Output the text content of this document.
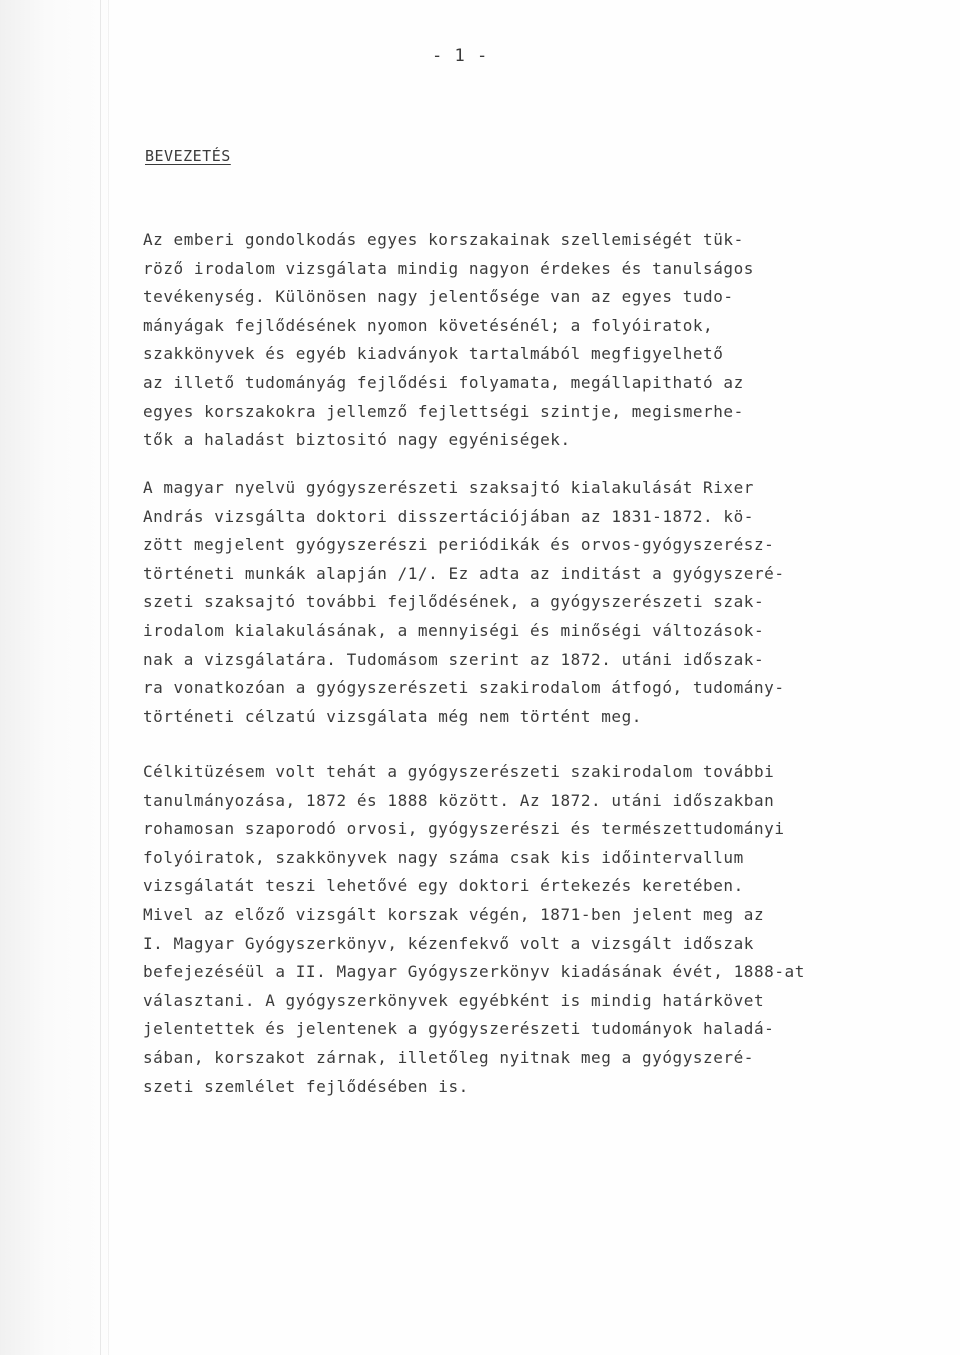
- 1 -
BEVEZETÉS
Az emberi gondolkodás egyes korszakainak szellemiségét tük-
röző irodalom vizsgálata mindig nagyon érdekes és tanulságos
tevékenység. Különösen nagy jelentősége van az egyes tudo-
mányágak fejlődésének nyomon követésénél; a folyóiratok,
szakkönyvek és egyéb kiadványok tartalmából megfigyelhető
az illető tudományág fejlődési folyamata, megállapitható az
egyes korszakokra jellemző fejlettségi szintje, megismerhe-
tők a haladást biztositó nagy egyéniségek.
A magyar nyelvü gyógyszerészeti szaksajtó kialakulását Rixer
András vizsgálta doktori disszertációjában az 1831-1872. kö-
zött megjelent gyógyszerészi periódikák és orvos-gyógyszerész-
történeti munkák alapján /1/. Ez adta az inditást a gyógyszeré-
szeti szaksajtó további fejlődésének, a gyógyszerészeti szak-
irodalom kialakulásának, a mennyiségi és minőségi változások-
nak a vizsgálatára. Tudomásom szerint az 1872. utáni időszak-
ra vonatkozóan a gyógyszerészeti szakirodalom átfogó, tudomány-
történeti célzatú vizsgálata még nem történt meg.
Célkitüzésem volt tehát a gyógyszerészeti szakirodalom további
tanulmányozása, 1872 és 1888 között. Az 1872. utáni időszakban
rohamosan szaporodó orvosi, gyógyszerészi és természettudományi
folyóiratok, szakkönyvek nagy száma csak kis időintervallum
vizsgálatát teszi lehetővé egy doktori értekezés keretében.
Mivel az előző vizsgált korszak végén, 1871-ben jelent meg az
I. Magyar Gyógyszerkönyv, kézenfekvő volt a vizsgált időszak
befejezéséül a II. Magyar Gyógyszerkönyv kiadásának évét, 1888-at
választani. A gyógyszerkönyvek egyébként is mindig határkövet
jelentettek és jelentenek a gyógyszerészeti tudományok haladá-
sában, korszakot zárnak, illetőleg nyitnak meg a gyógyszeré-
szeti szemlélet fejlődésében is.
